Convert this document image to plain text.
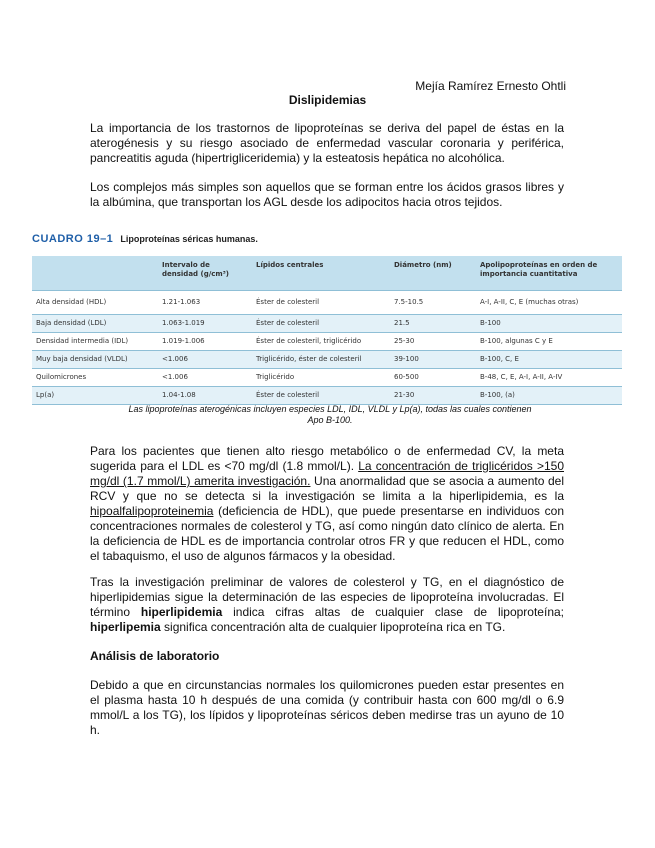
Mejía Ramírez Ernesto Ohtli
Dislipidemias

La importancia de los trastornos de lipoproteínas se deriva del papel de éstas en la aterogénesis y su riesgo asociado de enfermedad vascular coronaria y periférica, pancreatitis aguda (hipertrigliceridemia) y la esteatosis hepática no alcohólica.

Los complejos más simples son aquellos que se forman entre los ácidos grasos libres y la albúmina, que transportan los AGL desde los adipocitos hacia otros tejidos.

CUADRO 19–1 Lipoproteínas séricas humanas.
	Intervalo de densidad (g/cm³)	Lípidos centrales	Diámetro (nm)	Apolipoproteínas en orden de importancia cuantitativa
Alta densidad (HDL)	1.21-1.063	Éster de colesteril	7.5-10.5	A-I, A-II, C, E (muchas otras)
Baja densidad (LDL)	1.063-1.019	Éster de colesteril	21.5	B-100
Densidad intermedia (IDL)	1.019-1.006	Éster de colesteril, triglicérido	25-30	B-100, algunas C y E
Muy baja densidad (VLDL)	<1.006	Triglicérido, éster de colesteril	39-100	B-100, C, E
Quilomicrones	<1.006	Triglicérido	60-500	B-48, C, E, A-I, A-II, A-IV
Lp(a)	1.04-1.08	Éster de colesteril	21-30	B-100, (a)
Las lipoproteínas aterogénicas incluyen especies LDL, IDL, VLDL y Lp(a), todas las cuales contienen Apo B-100.

Para los pacientes que tienen alto riesgo metabólico o de enfermedad CV, la meta sugerida para el LDL es <70 mg/dl (1.8 mmol/L). La concentración de triglicéridos >150 mg/dl (1.7 mmol/L) amerita investigación. Una anormalidad que se asocia a aumento del RCV y que no se detecta si la investigación se limita a la hiperlipidemia, es la hipoalfalipoproteinemia (deficiencia de HDL), que puede presentarse en individuos con concentraciones normales de colesterol y TG, así como ningún dato clínico de alerta. En la deficiencia de HDL es de importancia controlar otros FR y que reducen el HDL, como el tabaquismo, el uso de algunos fármacos y la obesidad.

Tras la investigación preliminar de valores de colesterol y TG, en el diagnóstico de hiperlipidemias sigue la determinación de las especies de lipoproteína involucradas. El término hiperlipidemia indica cifras altas de cualquier clase de lipoproteína; hiperlipemia significa concentración alta de cualquier lipoproteína rica en TG.

Análisis de laboratorio

Debido a que en circunstancias normales los quilomicrones pueden estar presentes en el plasma hasta 10 h después de una comida (y contribuir hasta con 600 mg/dl o 6.9 mmol/L a los TG), los lípidos y lipoproteínas séricos deben medirse tras un ayuno de 10 h.
